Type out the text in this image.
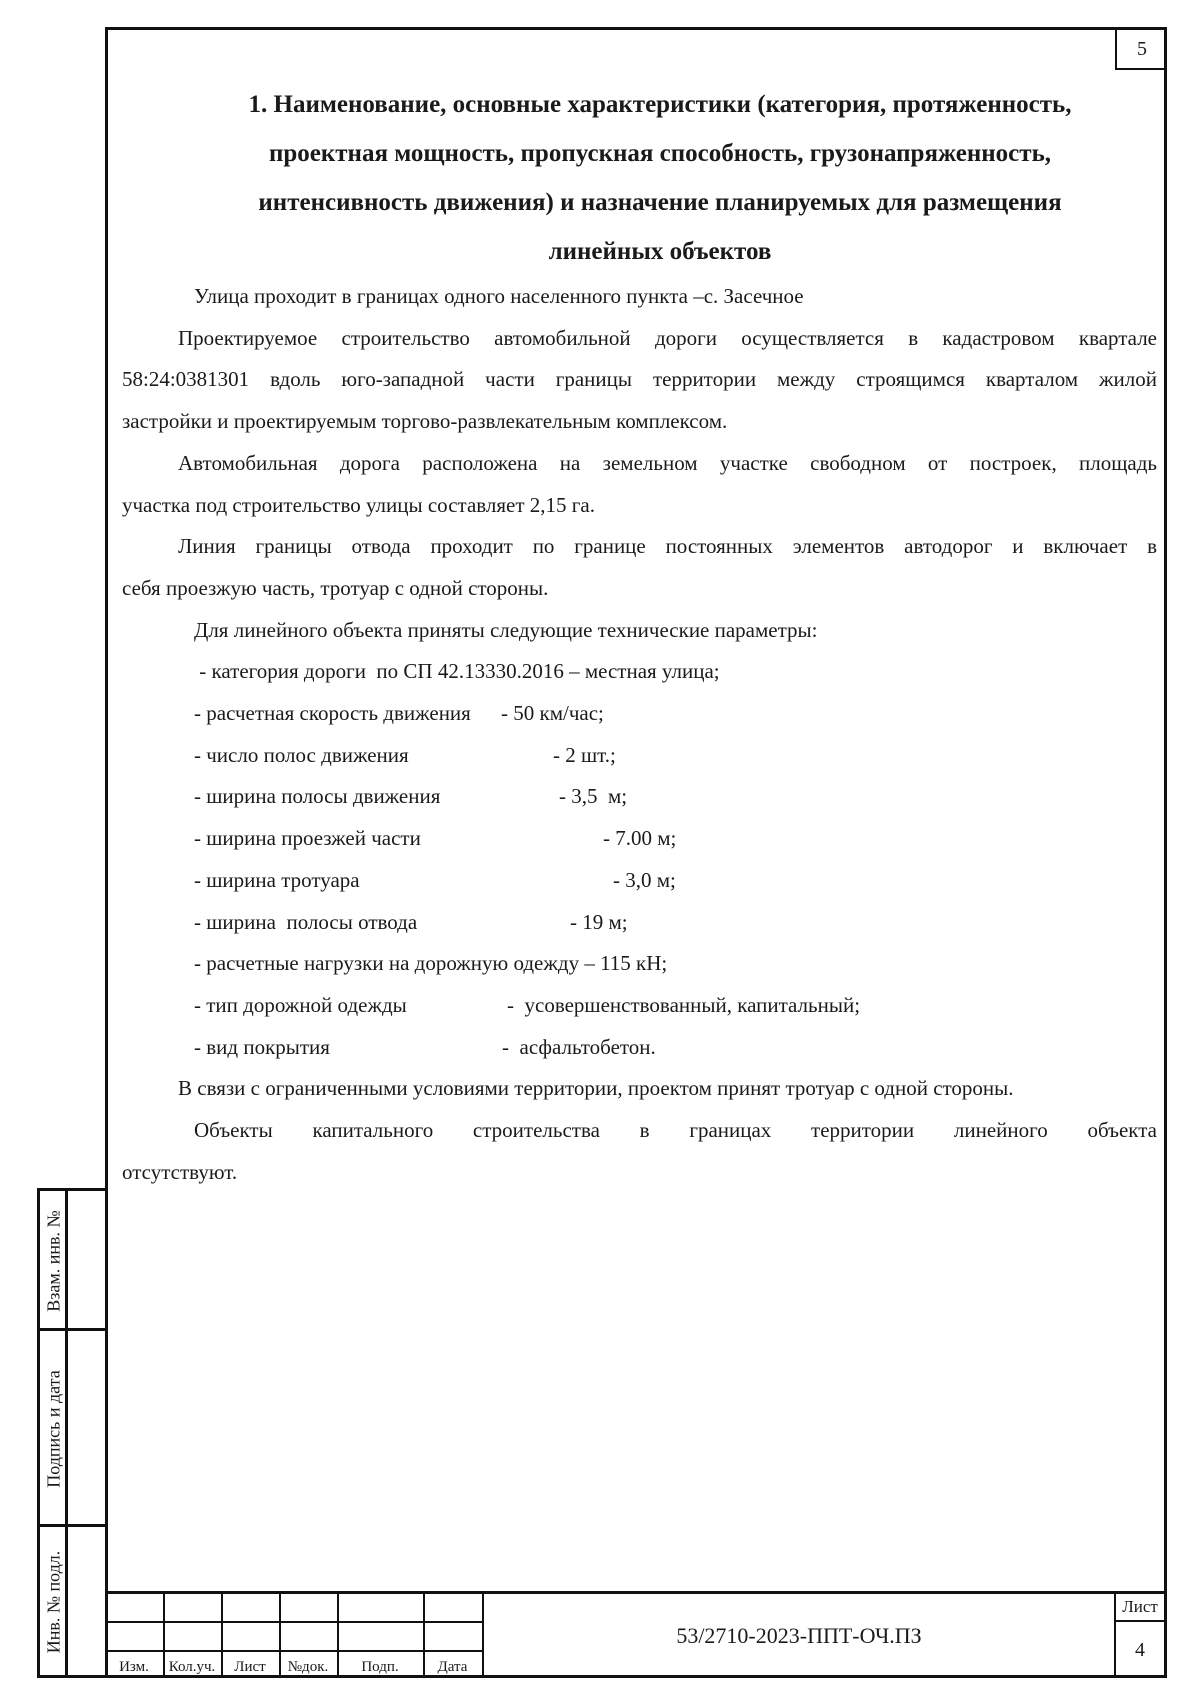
5
1. Наименование, основные характеристики (категория, протяженность,
проектная мощность, пропускная способность, грузонапряженность,
интенсивность движения) и назначение планируемых для размещения
линейных объектов

Улица проходит в границах одного населенного пункта –с. Засечное

Проектируемое строительство автомобильной дороги осуществляется в кадастровом квартале

58:24:0381301 вдоль юго-западной части границы территории между строящимся кварталом жилой

застройки и проектируемым торгово-развлекательным комплексом.

Автомобильная дорога расположена на земельном участке свободном от построек, площадь

участка под строительство улицы составляет 2,15 га.

Линия границы отвода проходит по границе постоянных элементов автодорог и включает в

себя проезжую часть, тротуар с одной стороны.

Для линейного объекта приняты следующие технические параметры:

- категория дороги  по СП 42.13330.2016 – местная улица;

- расчетная скорость движения - 50 км/час;

- число полос движения	- 2 шт.;

- ширина полосы движения	- 3,5  м;

- ширина проезжей части	- 7.00 м;

- ширина тротуара	- 3,0 м;

- ширина  полосы отвода	- 19 м;

- расчетные нагрузки на дорожную одежду – 115 кН;

- тип дорожной одежды	-  усовершенствованный, капитальный;

- вид покрытия	-  асфальтобетон.

В связи с ограниченными условиями территории, проектом принят тротуар с одной стороны.

Объекты капитального строительства в границах территории линейного объекта

отсутствуют.

Взам. инв. №
Подпись и дата
Инв. № подл.
Изм.	Кол.уч.	Лист	№док.	Подп.	Дата
53/2710-2023-ППТ-ОЧ.ПЗ
Лист
4
